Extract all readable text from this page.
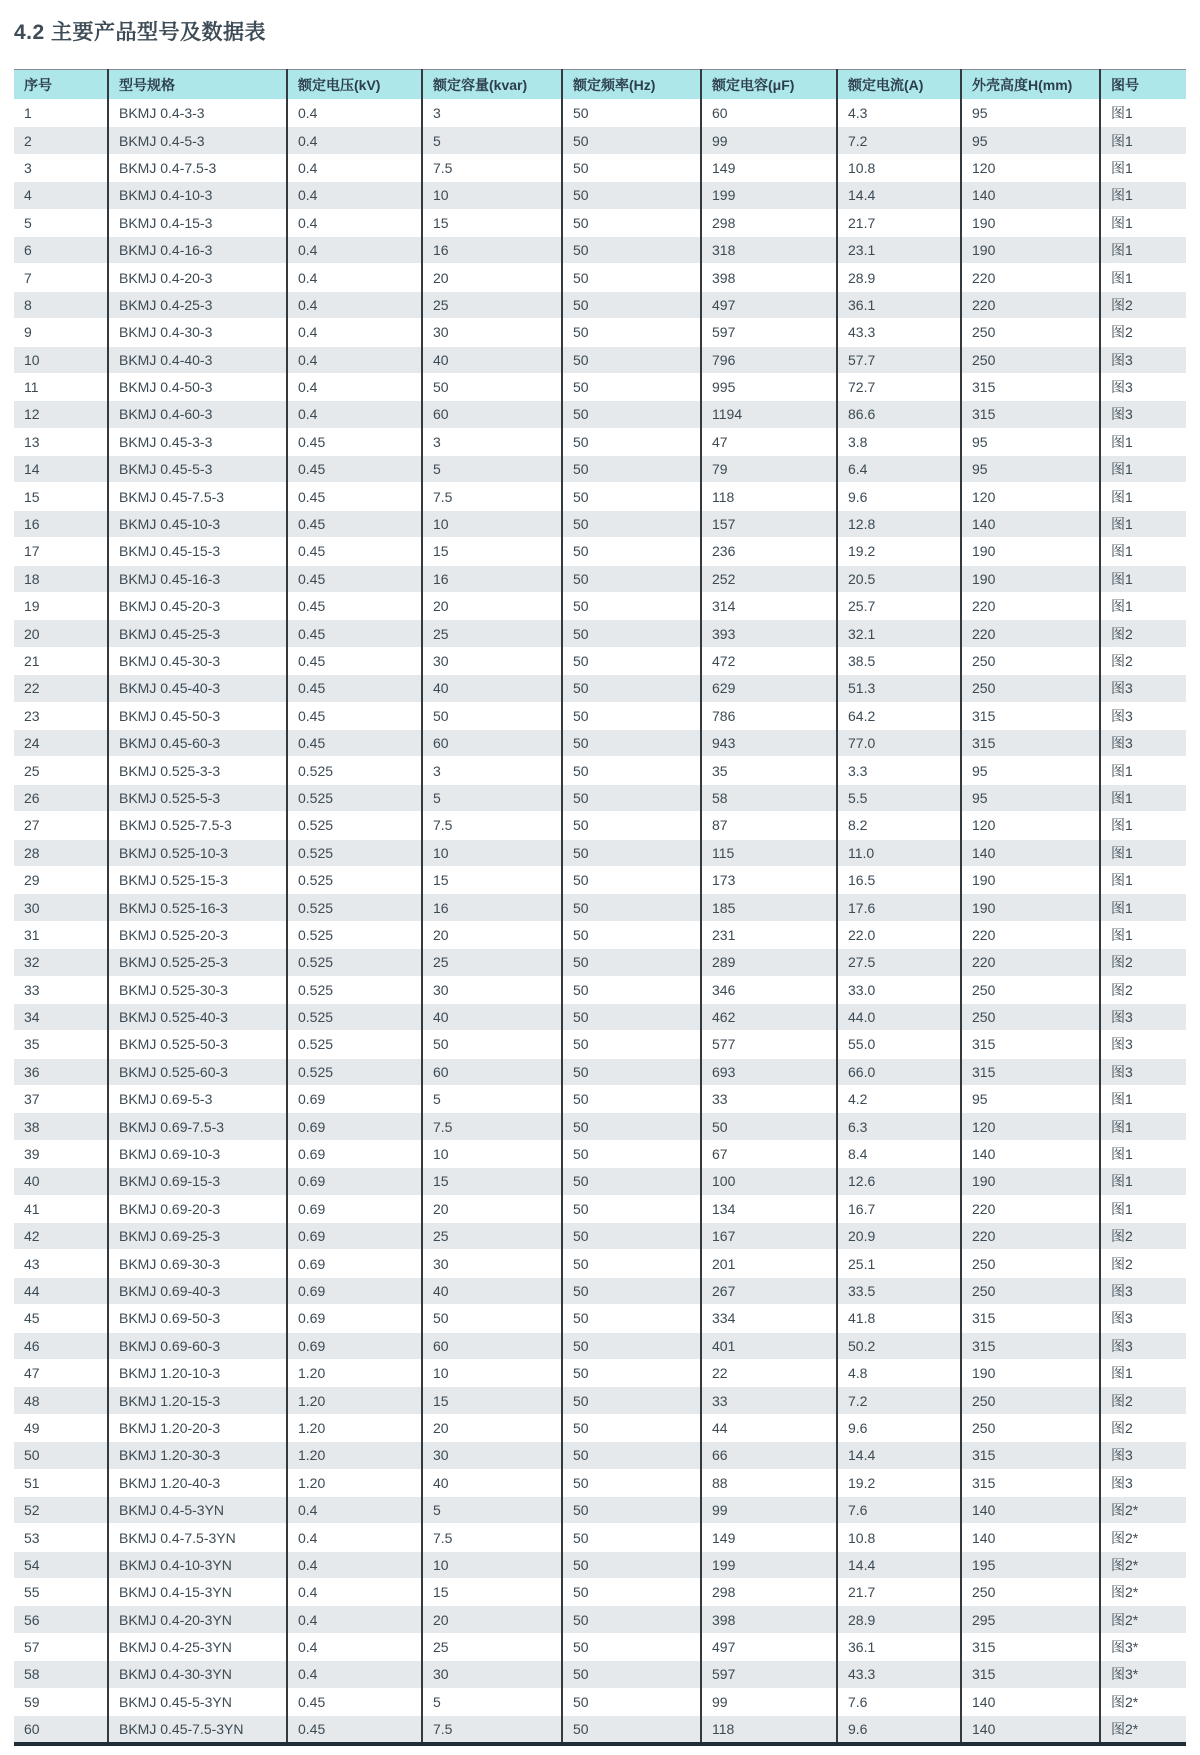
4.2 主要产品型号及数据表
序号	型号规格	额定电压(kV)	额定容量(kvar)	额定频率(Hz)	额定电容(μF)	额定电流(A)	外壳高度H(mm)	图号
1	BKMJ 0.4-3-3	0.4	3	50	60	4.3	95	图1
2	BKMJ 0.4-5-3	0.4	5	50	99	7.2	95	图1
3	BKMJ 0.4-7.5-3	0.4	7.5	50	149	10.8	120	图1
4	BKMJ 0.4-10-3	0.4	10	50	199	14.4	140	图1
5	BKMJ 0.4-15-3	0.4	15	50	298	21.7	190	图1
6	BKMJ 0.4-16-3	0.4	16	50	318	23.1	190	图1
7	BKMJ 0.4-20-3	0.4	20	50	398	28.9	220	图1
8	BKMJ 0.4-25-3	0.4	25	50	497	36.1	220	图2
9	BKMJ 0.4-30-3	0.4	30	50	597	43.3	250	图2
10	BKMJ 0.4-40-3	0.4	40	50	796	57.7	250	图3
11	BKMJ 0.4-50-3	0.4	50	50	995	72.7	315	图3
12	BKMJ 0.4-60-3	0.4	60	50	1194	86.6	315	图3
13	BKMJ 0.45-3-3	0.45	3	50	47	3.8	95	图1
14	BKMJ 0.45-5-3	0.45	5	50	79	6.4	95	图1
15	BKMJ 0.45-7.5-3	0.45	7.5	50	118	9.6	120	图1
16	BKMJ 0.45-10-3	0.45	10	50	157	12.8	140	图1
17	BKMJ 0.45-15-3	0.45	15	50	236	19.2	190	图1
18	BKMJ 0.45-16-3	0.45	16	50	252	20.5	190	图1
19	BKMJ 0.45-20-3	0.45	20	50	314	25.7	220	图1
20	BKMJ 0.45-25-3	0.45	25	50	393	32.1	220	图2
21	BKMJ 0.45-30-3	0.45	30	50	472	38.5	250	图2
22	BKMJ 0.45-40-3	0.45	40	50	629	51.3	250	图3
23	BKMJ 0.45-50-3	0.45	50	50	786	64.2	315	图3
24	BKMJ 0.45-60-3	0.45	60	50	943	77.0	315	图3
25	BKMJ 0.525-3-3	0.525	3	50	35	3.3	95	图1
26	BKMJ 0.525-5-3	0.525	5	50	58	5.5	95	图1
27	BKMJ 0.525-7.5-3	0.525	7.5	50	87	8.2	120	图1
28	BKMJ 0.525-10-3	0.525	10	50	115	11.0	140	图1
29	BKMJ 0.525-15-3	0.525	15	50	173	16.5	190	图1
30	BKMJ 0.525-16-3	0.525	16	50	185	17.6	190	图1
31	BKMJ 0.525-20-3	0.525	20	50	231	22.0	220	图1
32	BKMJ 0.525-25-3	0.525	25	50	289	27.5	220	图2
33	BKMJ 0.525-30-3	0.525	30	50	346	33.0	250	图2
34	BKMJ 0.525-40-3	0.525	40	50	462	44.0	250	图3
35	BKMJ 0.525-50-3	0.525	50	50	577	55.0	315	图3
36	BKMJ 0.525-60-3	0.525	60	50	693	66.0	315	图3
37	BKMJ 0.69-5-3	0.69	5	50	33	4.2	95	图1
38	BKMJ 0.69-7.5-3	0.69	7.5	50	50	6.3	120	图1
39	BKMJ 0.69-10-3	0.69	10	50	67	8.4	140	图1
40	BKMJ 0.69-15-3	0.69	15	50	100	12.6	190	图1
41	BKMJ 0.69-20-3	0.69	20	50	134	16.7	220	图1
42	BKMJ 0.69-25-3	0.69	25	50	167	20.9	220	图2
43	BKMJ 0.69-30-3	0.69	30	50	201	25.1	250	图2
44	BKMJ 0.69-40-3	0.69	40	50	267	33.5	250	图3
45	BKMJ 0.69-50-3	0.69	50	50	334	41.8	315	图3
46	BKMJ 0.69-60-3	0.69	60	50	401	50.2	315	图3
47	BKMJ 1.20-10-3	1.20	10	50	22	4.8	190	图1
48	BKMJ 1.20-15-3	1.20	15	50	33	7.2	250	图2
49	BKMJ 1.20-20-3	1.20	20	50	44	9.6	250	图2
50	BKMJ 1.20-30-3	1.20	30	50	66	14.4	315	图3
51	BKMJ 1.20-40-3	1.20	40	50	88	19.2	315	图3
52	BKMJ 0.4-5-3YN	0.4	5	50	99	7.6	140	图2*
53	BKMJ 0.4-7.5-3YN	0.4	7.5	50	149	10.8	140	图2*
54	BKMJ 0.4-10-3YN	0.4	10	50	199	14.4	195	图2*
55	BKMJ 0.4-15-3YN	0.4	15	50	298	21.7	250	图2*
56	BKMJ 0.4-20-3YN	0.4	20	50	398	28.9	295	图2*
57	BKMJ 0.4-25-3YN	0.4	25	50	497	36.1	315	图3*
58	BKMJ 0.4-30-3YN	0.4	30	50	597	43.3	315	图3*
59	BKMJ 0.45-5-3YN	0.45	5	50	99	7.6	140	图2*
60	BKMJ 0.45-7.5-3YN	0.45	7.5	50	118	9.6	140	图2*
